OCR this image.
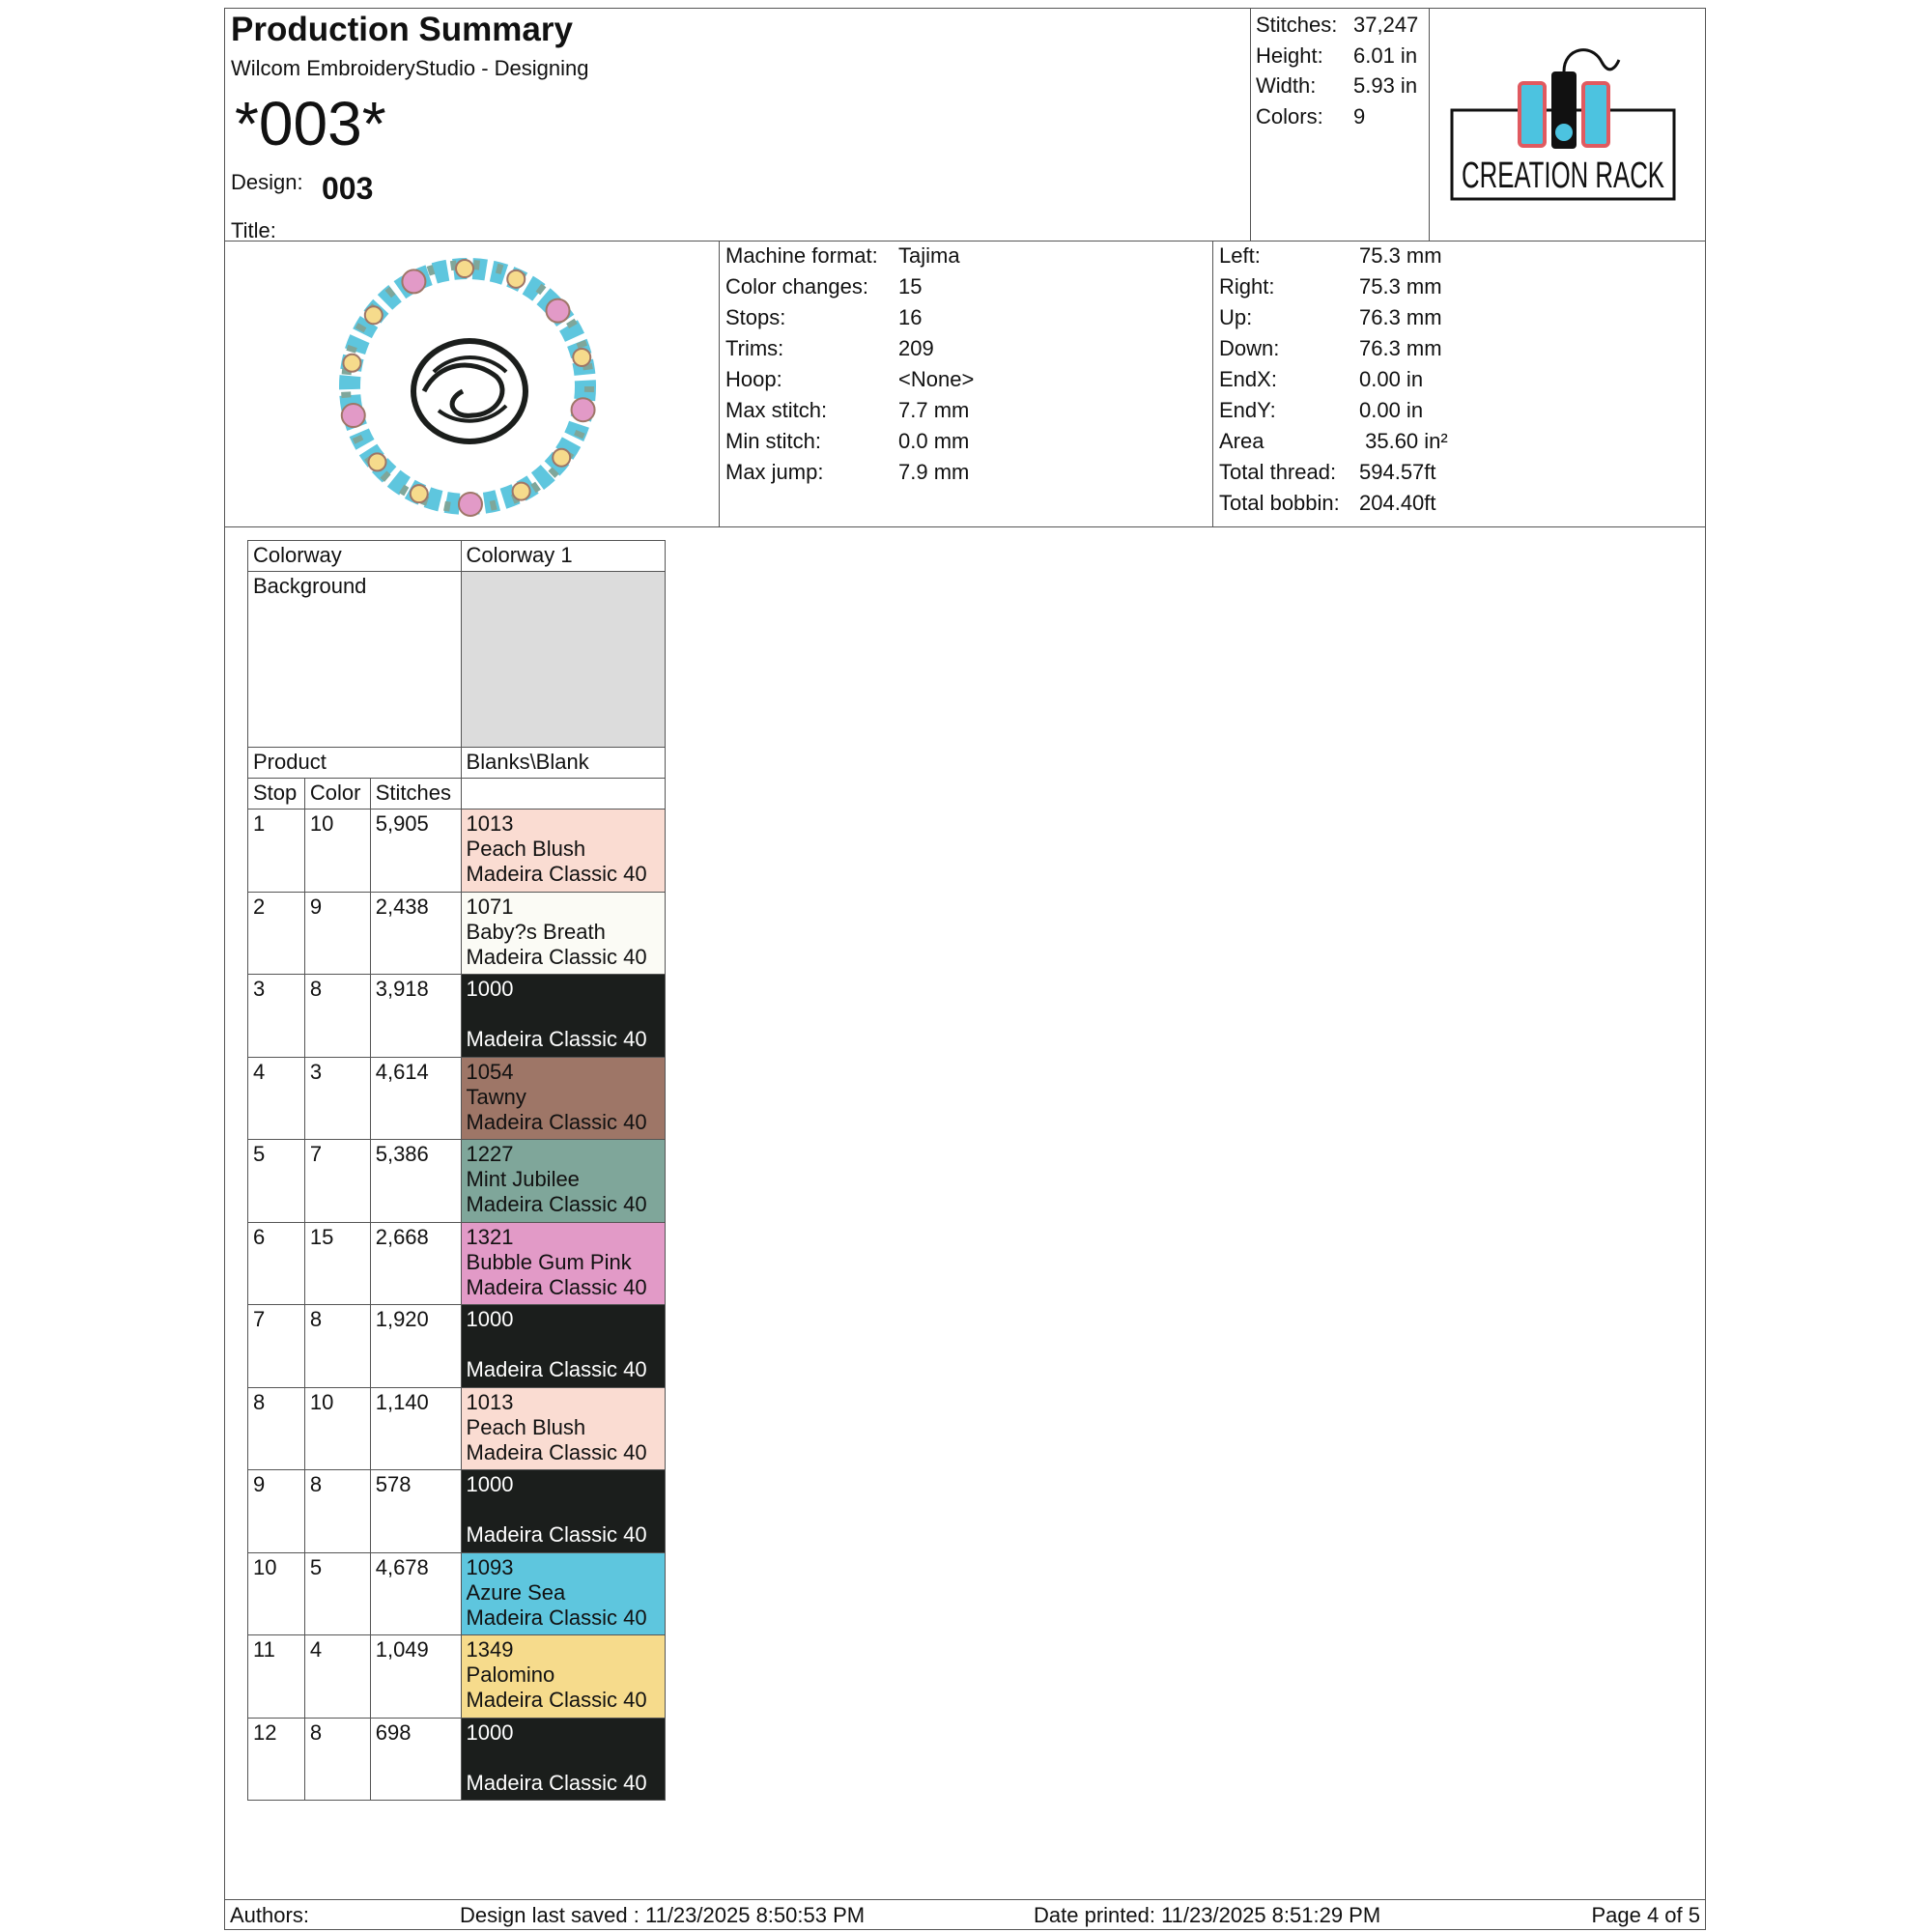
Production Summary
Wilcom EmbroideryStudio - Designing
*003*
Design: 003
Title:
Stitches: 37,247
Height: 6.01 in
Width: 5.93 in
Colors: 9
CREATION RACK
Machine format: Tajima
Color changes: 15
Stops:	16
Trims:	209
Hoop:	<None>
Max stitch:	7.7 mm
Min stitch:	0.0 mm
Max jump:	7.9 mm
Left:	75.3 mm
Right:	75.3 mm
Up:	76.3 mm
Down:	76.3 mm
EndX:	0.00 in
EndY:	0.00 in
Area	35.60 in²
Total thread: 594.57ft
Total bobbin: 204.40ft
Colorway			Colorway 1
Background			
Product			Blanks\Blank
Stop	Color	Stitches	
1	10	5,905	1013
Peach Blush
Madeira Classic 40

2	9	2,438	1071
Baby?s Breath
Madeira Classic 40

3	8	3,918	1000
Madeira Classic 40

4	3	4,614	1054
Tawny
Madeira Classic 40

5	7	5,386	1227
Mint Jubilee
Madeira Classic 40

6	15	2,668	1321
Bubble Gum Pink
Madeira Classic 40

7	8	1,920	1000
Madeira Classic 40

8	10	1,140	1013
Peach Blush
Madeira Classic 40

9	8	578	1000
Madeira Classic 40

10	5	4,678	1093
Azure Sea
Madeira Classic 40

11	4	1,049	1349
Palomino
Madeira Classic 40

12	8	698	1000
Madeira Classic 40
Authors:	Design last saved : 11/23/2025 8:50:53 PM	Date printed: 11/23/2025 8:51:29 PM	Page 4 of 5
